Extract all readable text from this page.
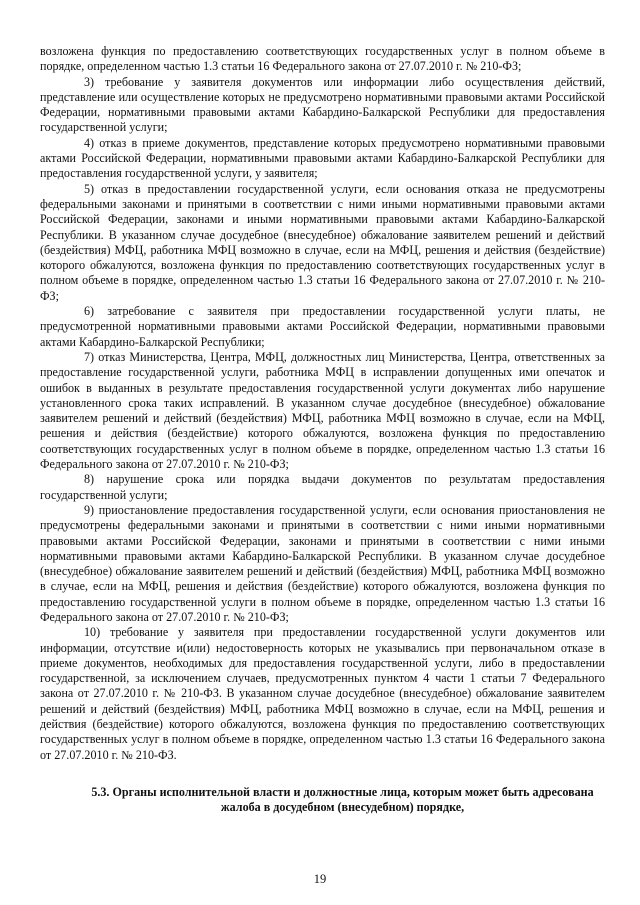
возложена функция по предоставлению соответствующих государственных услуг в полном объеме в порядке, определенном частью 1.3 статьи 16 Федерального закона от 27.07.2010 г. № 210-ФЗ;

3) требование у заявителя документов или информации либо осуществления действий, представление или осуществление которых не предусмотрено нормативными правовыми актами Российской Федерации, нормативными правовыми актами Кабардино-Балкарской Республики для предоставления государственной услуги;

4) отказ в приеме документов, представление которых предусмотрено нормативными правовыми актами Российской Федерации, нормативными правовыми актами Кабардино-Балкарской Республики для предоставления государственной услуги, у заявителя;

5) отказ в предоставлении государственной услуги, если основания отказа не предусмотрены федеральными законами и принятыми в соответствии с ними иными нормативными правовыми актами Российской Федерации, законами и иными нормативными правовыми актами Кабардино-Балкарской Республики. В указанном случае досудебное (внесудебное) обжалование заявителем решений и действий (бездействия) МФЦ, работника МФЦ возможно в случае, если на МФЦ, решения и действия (бездействие) которого обжалуются, возложена функция по предоставлению соответствующих государственных услуг в полном объеме в порядке, определенном частью 1.3 статьи 16 Федерального закона от 27.07.2010 г. № 210-ФЗ;

6) затребование с заявителя при предоставлении государственной услуги платы, не предусмотренной нормативными правовыми актами Российской Федерации, нормативными правовыми актами Кабардино-Балкарской Республики;

7) отказ Министерства, Центра, МФЦ, должностных лиц Министерства, Центра, ответственных за предоставление государственной услуги, работника МФЦ в исправлении допущенных ими опечаток и ошибок в выданных в результате предоставления государственной услуги документах либо нарушение установленного срока таких исправлений. В указанном случае досудебное (внесудебное) обжалование заявителем решений и действий (бездействия) МФЦ, работника МФЦ возможно в случае, если на МФЦ, решения и действия (бездействие) которого обжалуются, возложена функция по предоставлению соответствующих государственных услуг в полном объеме в порядке, определенном частью 1.3 статьи 16 Федерального закона от 27.07.2010 г. № 210-ФЗ;

8) нарушение срока или порядка выдачи документов по результатам предоставления государственной услуги;

9) приостановление предоставления государственной услуги, если основания приостановления не предусмотрены федеральными законами и принятыми в соответствии с ними иными нормативными правовыми актами Российской Федерации, законами и принятыми в соответствии с ними иными нормативными правовыми актами Кабардино-Балкарской Республики. В указанном случае досудебное (внесудебное) обжалование заявителем решений и действий (бездействия) МФЦ, работника МФЦ возможно в случае, если на МФЦ, решения и действия (бездействие) которого обжалуются, возложена функция по предоставлению государственной услуги в полном объеме в порядке, определенном частью 1.3 статьи 16 Федерального закона от 27.07.2010 г. № 210-ФЗ;

10) требование у заявителя при предоставлении государственной услуги документов или информации, отсутствие и(или) недостоверность которых не указывались при первоначальном отказе в приеме документов, необходимых для предоставления государственной услуги, либо в предоставлении государственной, за исключением случаев, предусмотренных пунктом 4 части 1 статьи 7 Федерального закона от 27.07.2010 г. № 210-ФЗ. В указанном случае досудебное (внесудебное) обжалование заявителем решений и действий (бездействия) МФЦ, работника МФЦ возможно в случае, если на МФЦ, решения и действия (бездействие) которого обжалуются, возложена функция по предоставлению соответствующих государственных услуг в полном объеме в порядке, определенном частью 1.3 статьи 16 Федерального закона от 27.07.2010 г. № 210-ФЗ.

5.3. Органы исполнительной власти и должностные лица, которым может быть адресована жалоба в досудебном (внесудебном) порядке,

19
